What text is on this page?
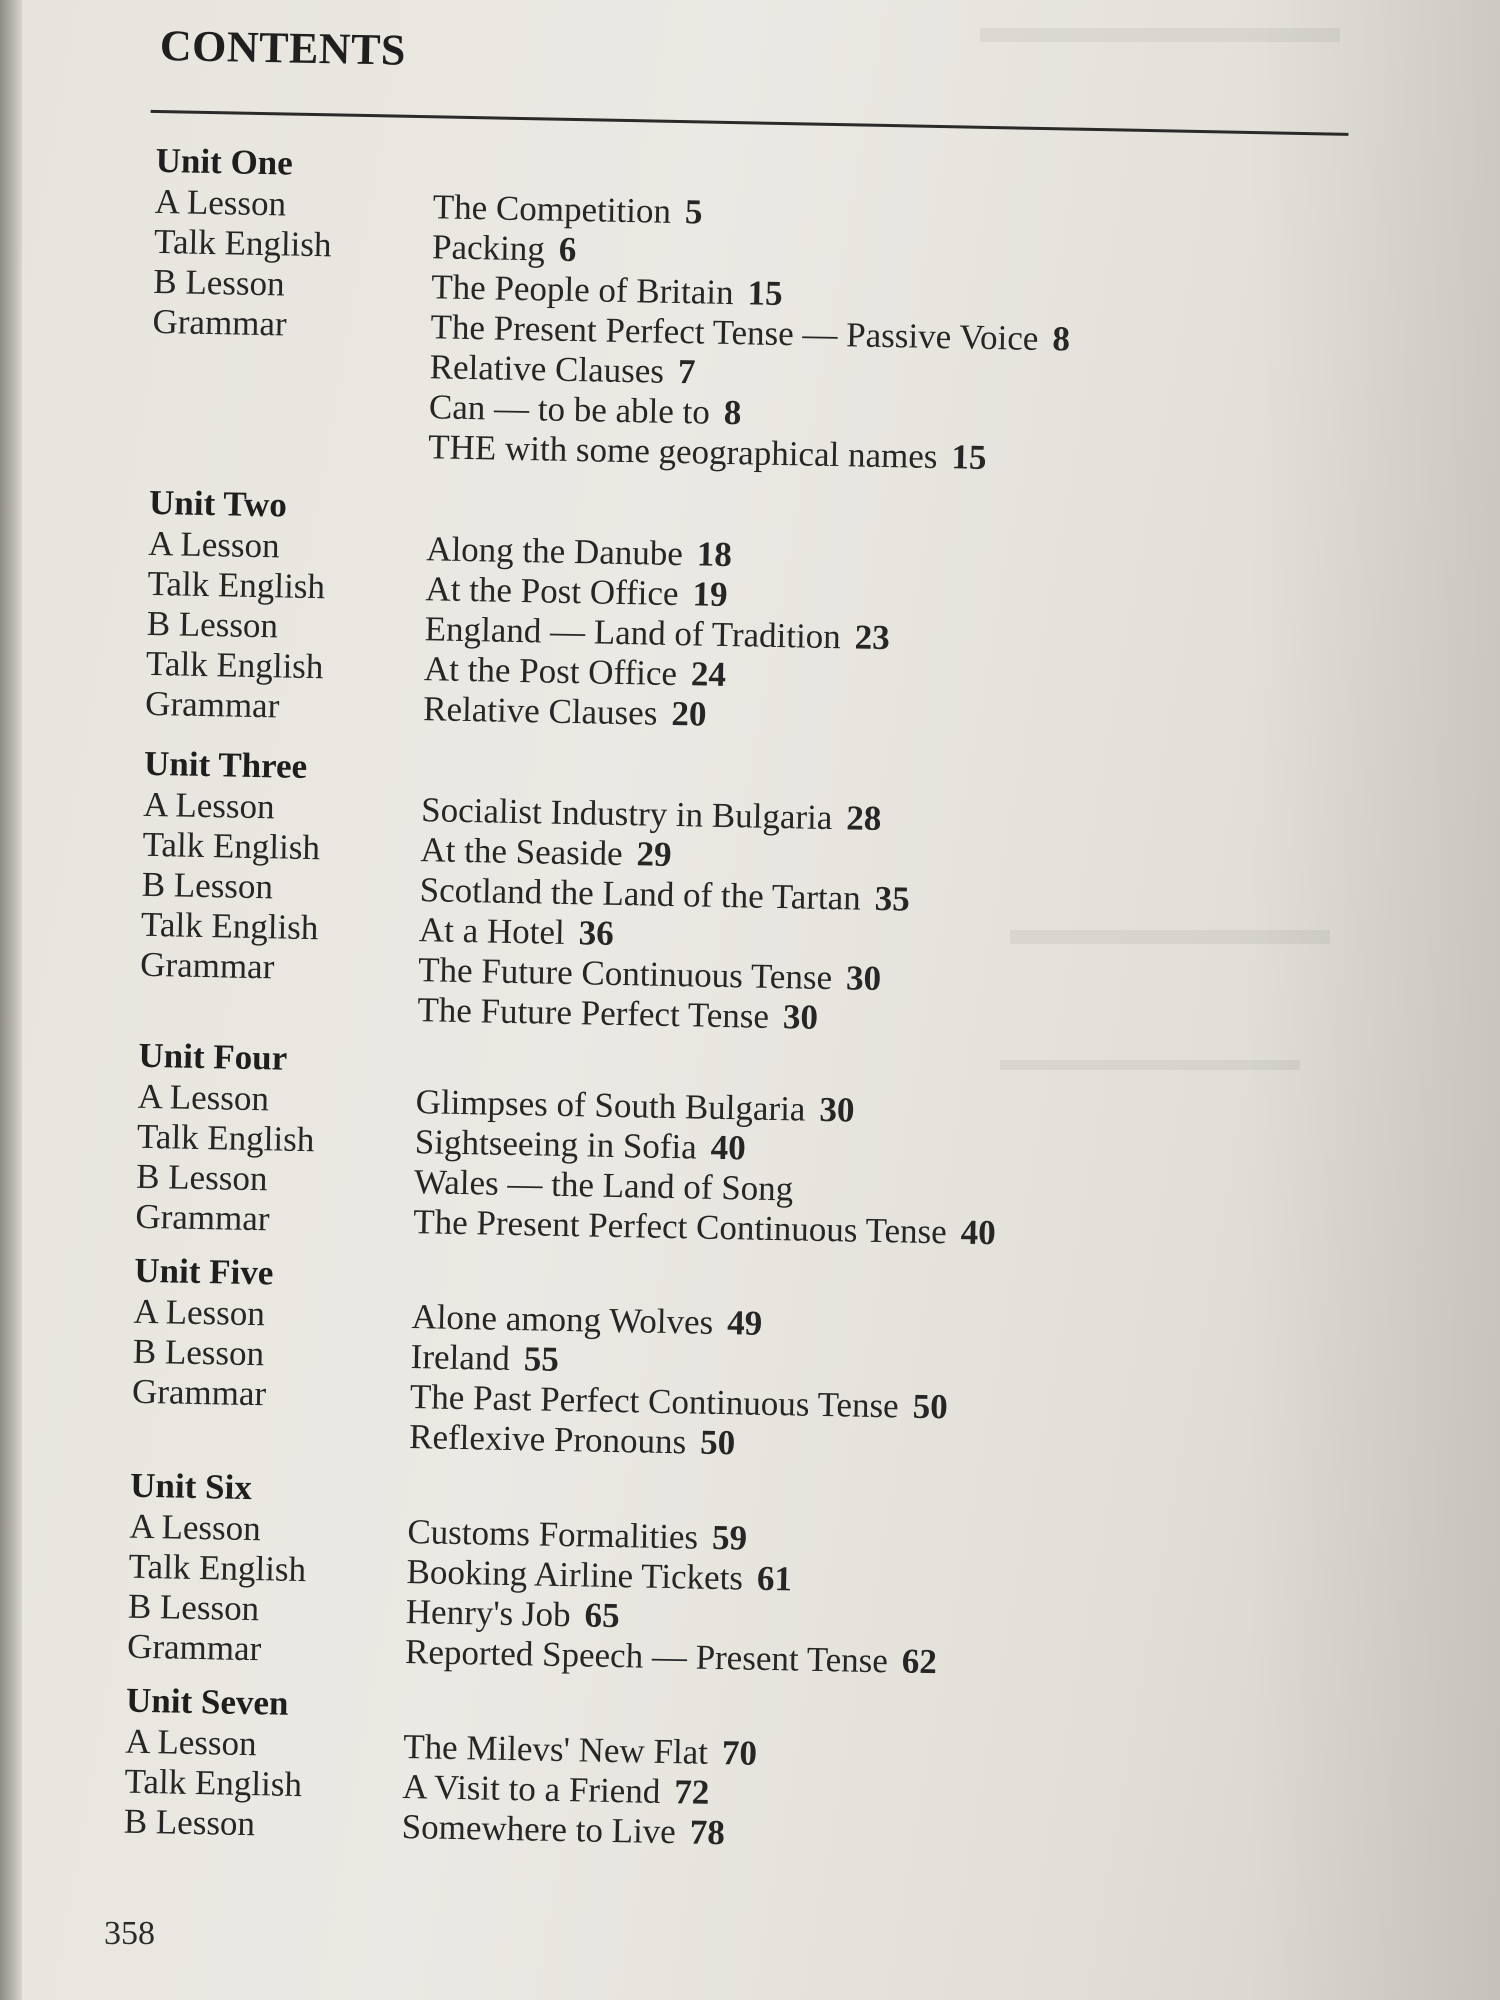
CONTENTS
Unit One
A Lesson	The Competition 5
Talk English	Packing 6
B Lesson	The People of Britain 15
Grammar	The Present Perfect Tense — Passive Voice 8
Relative Clauses 7
Can — to be able to 8
THE with some geographical names 15
Unit Two
A Lesson	Along the Danube 18
Talk English	At the Post Office 19
B Lesson	England — Land of Tradition 23
Talk English	At the Post Office 24
Grammar	Relative Clauses 20
Unit Three
A Lesson	Socialist Industry in Bulgaria 28
Talk English	At the Seaside 29
B Lesson	Scotland the Land of the Tartan 35
Talk English	At a Hotel 36
Grammar	The Future Continuous Tense 30
The Future Perfect Tense 30
Unit Four
A Lesson	Glimpses of South Bulgaria 30
Talk English	Sightseeing in Sofia 40
B Lesson	Wales — the Land of Song
Grammar	The Present Perfect Continuous Tense 40
Unit Five
A Lesson	Alone among Wolves 49
B Lesson	Ireland 55
Grammar	The Past Perfect Continuous Tense 50
Reflexive Pronouns 50
Unit Six
A Lesson	Customs Formalities 59
Talk English	Booking Airline Tickets 61
B Lesson	Henry's Job 65
Grammar	Reported Speech — Present Tense 62
Unit Seven
A Lesson	The Milevs' New Flat 70
Talk English	A Visit to a Friend 72
B Lesson	Somewhere to Live 78
358
